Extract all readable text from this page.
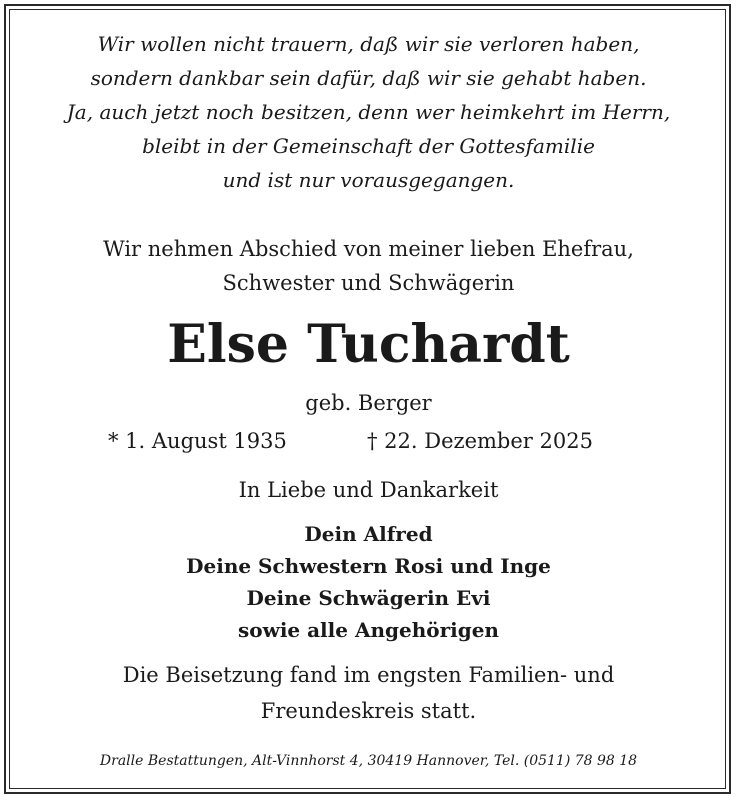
Wir wollen nicht trauern, daß wir sie verloren haben,
sondern dankbar sein dafür, daß wir sie gehabt haben.
Ja, auch jetzt noch besitzen, denn wer heimkehrt im Herrn,
bleibt in der Gemeinschaft der Gottesfamilie
und ist nur vorausgegangen.
Wir nehmen Abschied von meiner lieben Ehefrau,
Schwester und Schwägerin
Else Tuchardt
geb. Berger
* 1. August 1935	† 22. Dezember 2025
In Liebe und Dankarkeit
Dein Alfred
Deine Schwestern Rosi und Inge
Deine Schwägerin Evi
sowie alle Angehörigen
Die Beisetzung fand im engsten Familien- und
Freundeskreis statt.
Dralle Bestattungen, Alt-Vinnhorst 4, 30419 Hannover, Tel. (0511) 78 98 18
